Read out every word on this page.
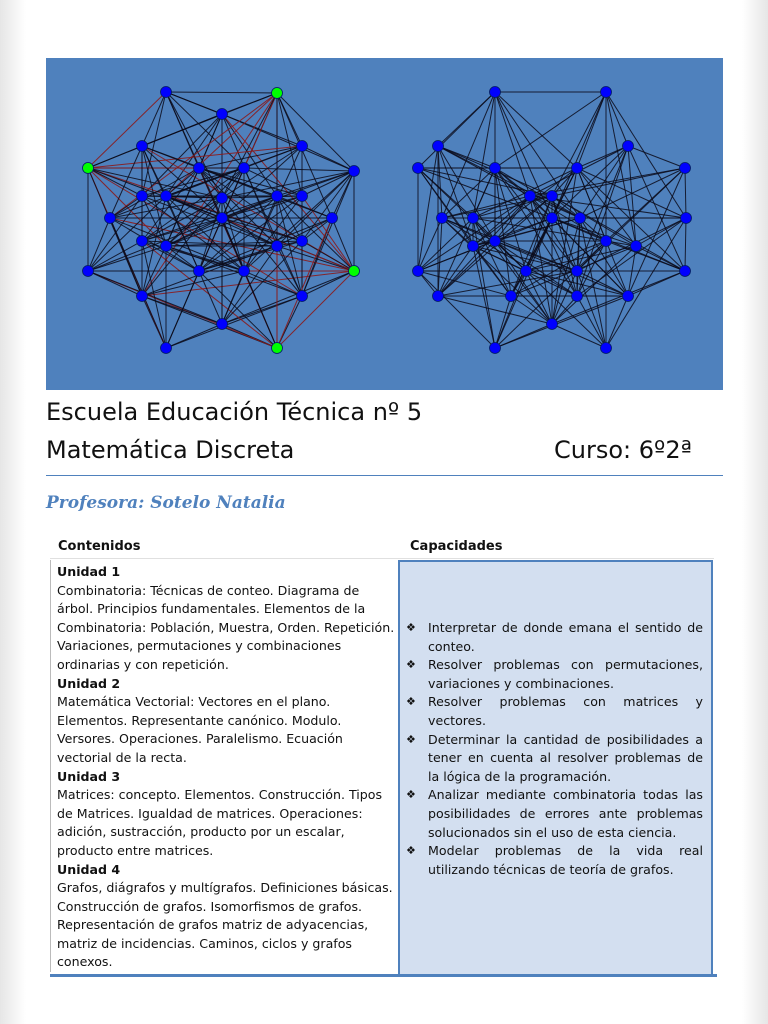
Escuela Educación Técnica nº 5
Matemática Discreta	Curso: 6º2ª
Profesora: Sotelo Natalia
Contenidos	Capacidades
Unidad 1
Combinatoria: Técnicas de conteo. Diagrama de árbol. Principios fundamentales. Elementos de la Combinatoria: Población, Muestra, Orden. Repetición. Variaciones, permutaciones y combinaciones ordinarias y con repetición.
Unidad 2
Matemática Vectorial: Vectores en el plano. Elementos. Representante canónico. Modulo. Versores. Operaciones. Paralelismo. Ecuación vectorial de la recta.
Unidad 3
Matrices: concepto. Elementos. Construcción. Tipos de Matrices. Igualdad de matrices. Operaciones: adición, sustracción, producto por un escalar, producto entre matrices.
Unidad 4
Grafos, diágrafos y multígrafos. Definiciones básicas. Construcción de grafos. Isomorfismos de grafos. Representación de grafos matriz de adyacencias, matriz de incidencias. Caminos, ciclos y grafos conexos.
❖ Interpretar de donde emana el sentido de conteo.
❖ Resolver problemas con permutaciones, variaciones y combinaciones.
❖ Resolver problemas con matrices y vectores.
❖ Determinar la cantidad de posibilidades a tener en cuenta al resolver problemas de la lógica de la programación.
❖ Analizar mediante combinatoria todas las posibilidades de errores ante problemas solucionados sin el uso de esta ciencia.
❖ Modelar problemas de la vida real utilizando técnicas de teoría de grafos.
